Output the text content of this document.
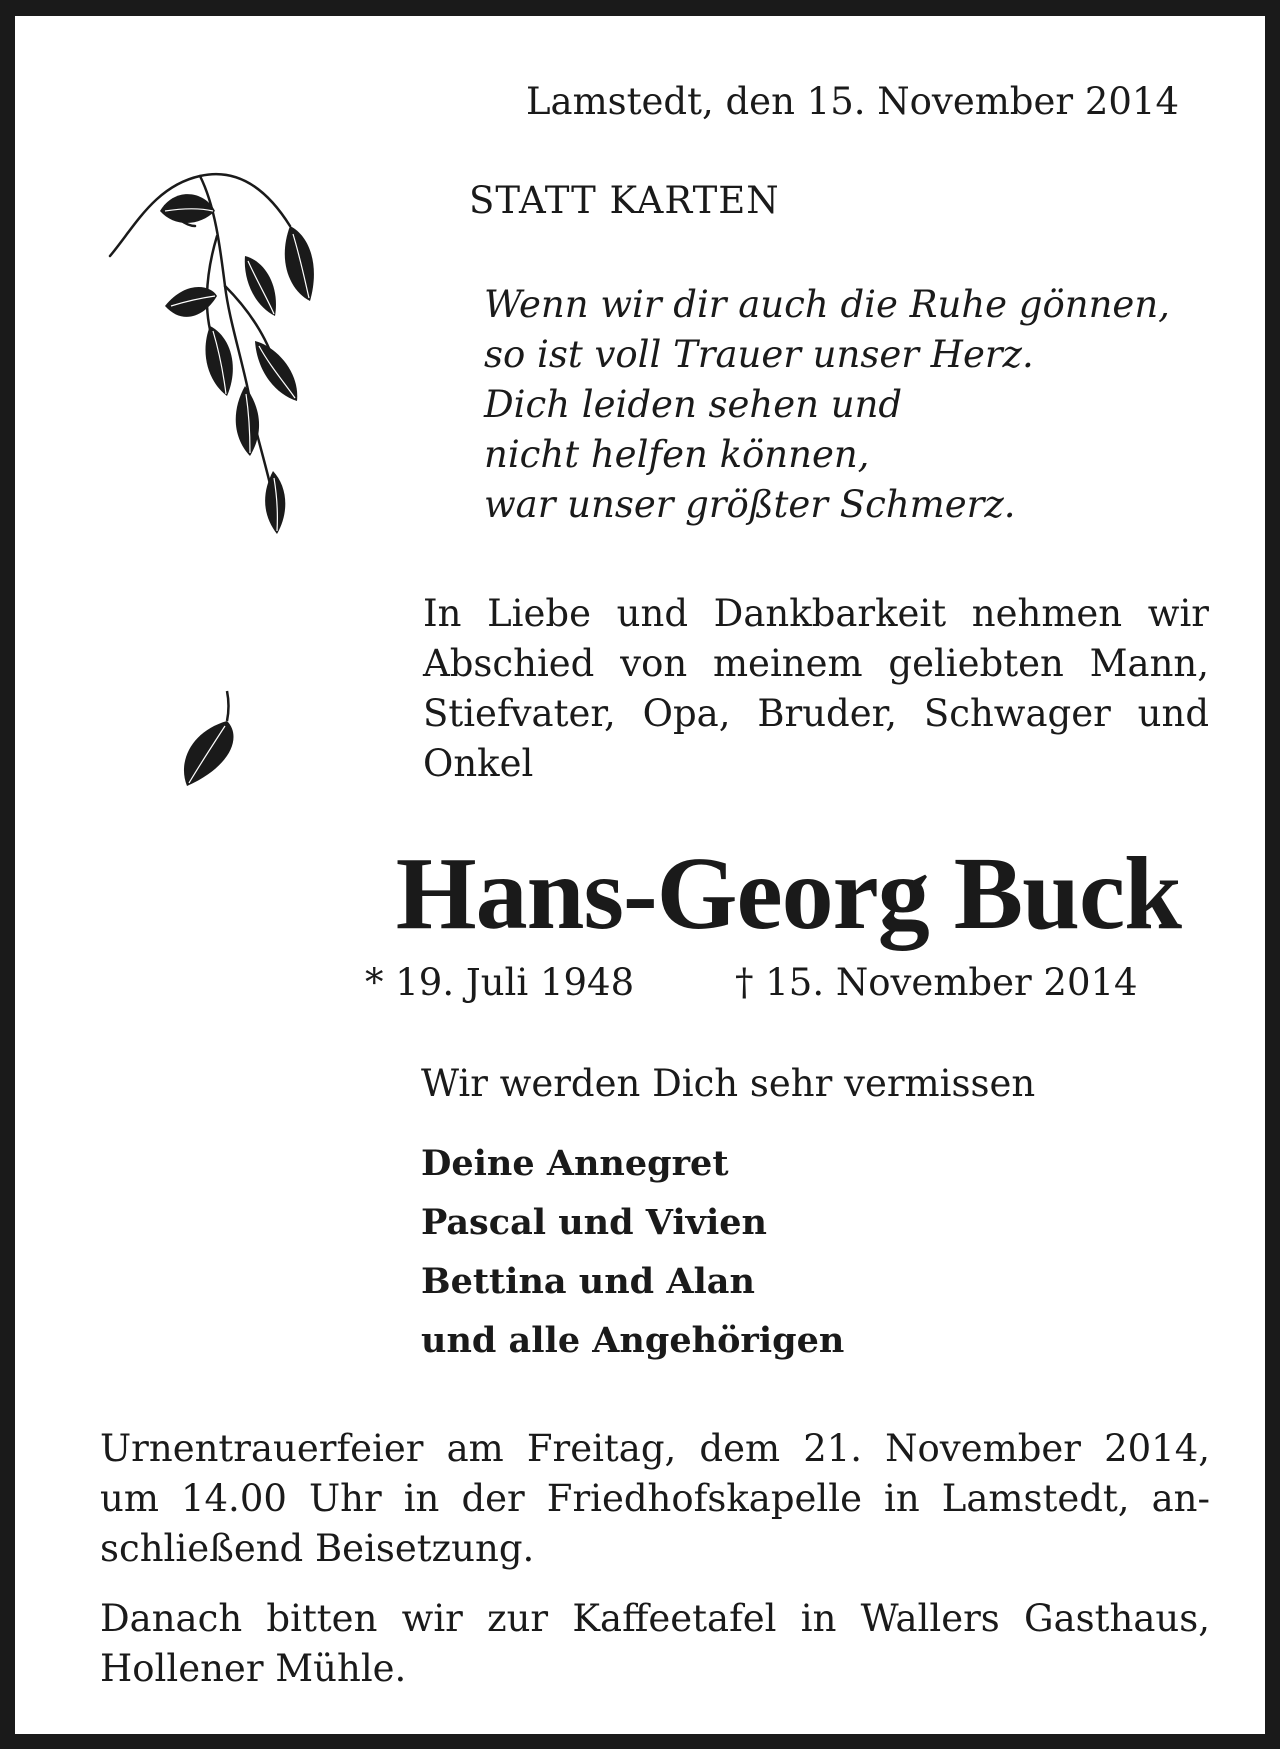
Lamstedt, den 15. November 2014
STATT KARTEN
Wenn wir dir auch die Ruhe gönnen,
so ist voll Trauer unser Herz.
Dich leiden sehen und
nicht helfen können,
war unser größter Schmerz.
In Liebe und Dankbarkeit nehmen wir
Abschied von meinem geliebten Mann,
Stiefvater, Opa, Bruder, Schwager und
Onkel
Hans-Georg Buck
* 19. Juli 1948	† 15. November 2014
Wir werden Dich sehr vermissen
Deine Annegret
Pascal und Vivien
Bettina und Alan
und alle Angehörigen
Urnentrauerfeier am Freitag, dem 21. November 2014,
um 14.00 Uhr in der Friedhofskapelle in Lamstedt, an-
schließend Beisetzung.
Danach bitten wir zur Kaffeetafel in Wallers Gasthaus,
Hollener Mühle.
